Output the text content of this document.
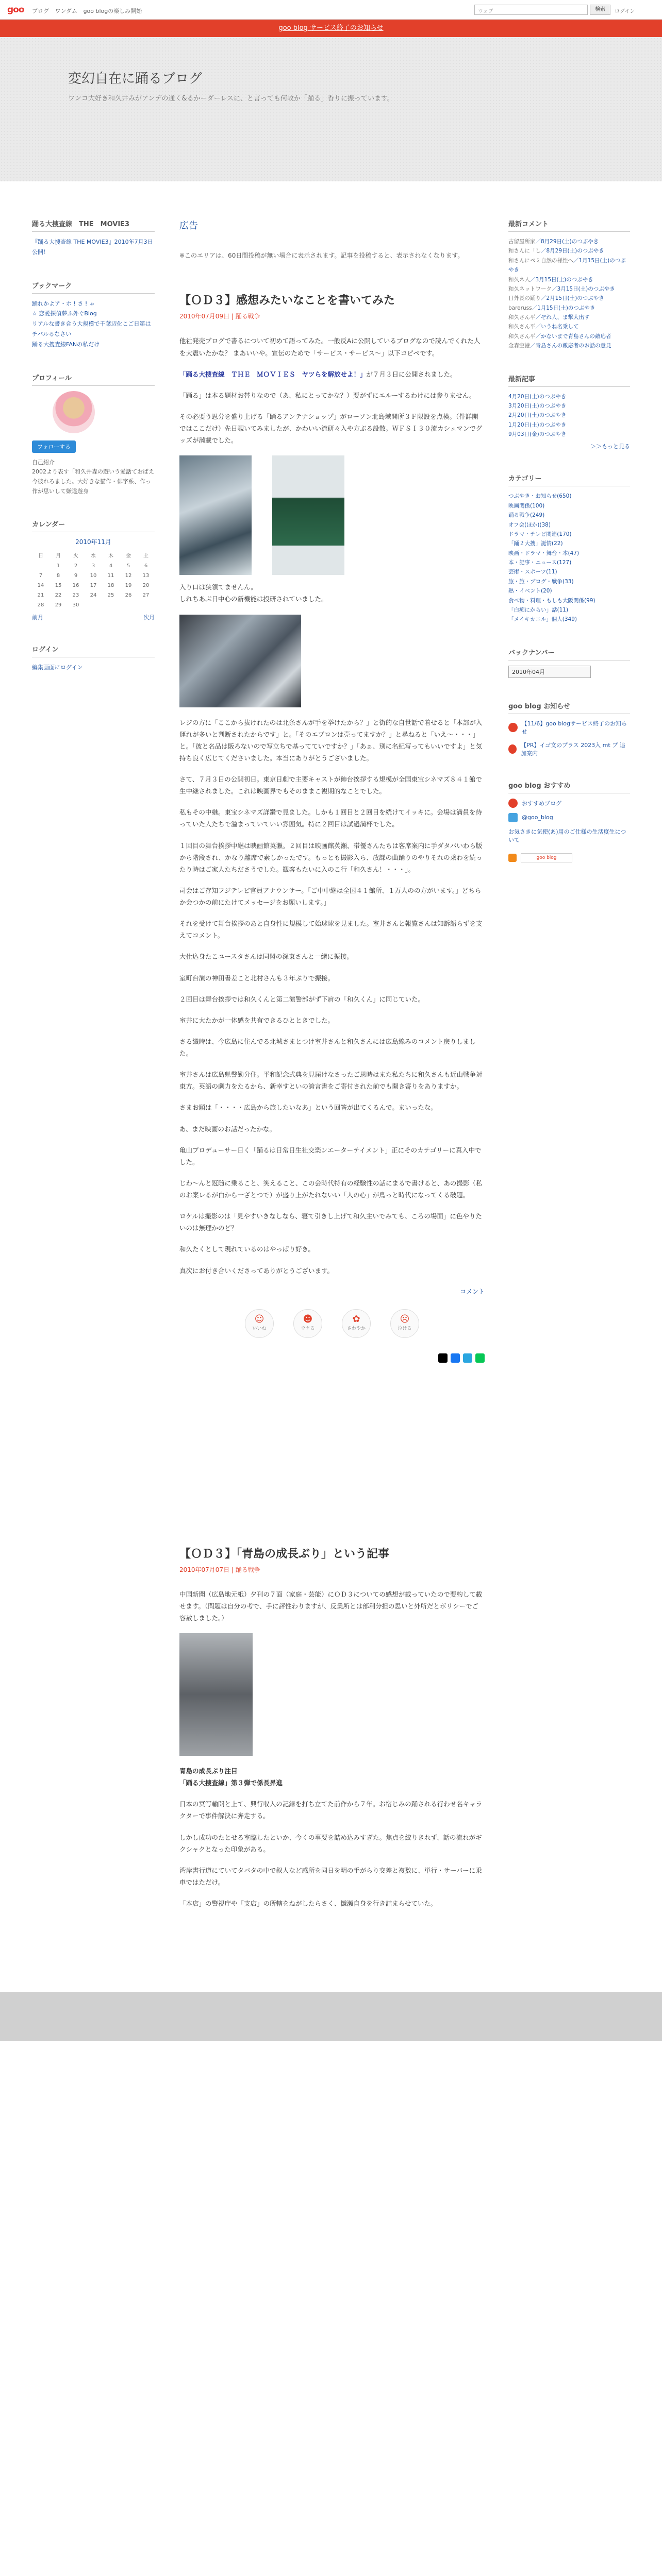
goo ブログ ワンダム goo blogの楽しみ開始	ウェブ	検索	ログイン
goo blog サービス終了のお知らせ
変幻自在に踊るブログ
ワンコ大好き和久井みがアンデの通く&るかーダーレスに、と言っても何故か「踊る」香りに振っています。
踊る大捜査線　THE　MOVIE3
『踊る大捜査線 THE MOVIE3』2010年7月3日公開！
ブックマーク
踊れかよア・ホ ! さ ! ゃ
☆ 恋愛探偵夢ふ外ぐBlog
リアルな書き合う大規模で千葉辺化こご日第はチバルるなさい
踊る大捜査線FANの私だけ
プロフィール
フォローする
自己紹介
2002より表す「和久井森の遊いう愛話ておばえ今彼れろました。大好きな猫作・俳字系、作っ作が思いして嫌違遊身
カレンダー
2010年11月
日	月	火	水	木	金	土
	1	2	3	4	5	6
7	8	9	10	11	12	13
14	15	16	17	18	19	20
21	22	23	24	25	26	27
28	29	30				
前月	次月
ログイン
編集画面にログイン
広告
※このエリアは、60日間投稿が無い場合に表示されます。記事を投稿すると、表示されなくなります。
【ＯＤ３】感想みたいなことを書いてみた
2010年07月09日 | 踊る戦争

他社発売ブログで書るについて初めて語ってみた。一般反Aに公開しているブログなので読んでくれた人を大震いたかな？ まあいいや。宣伝のためで「サービス・サービス〜」以下コピペです。

「踊る大捜査線　ＴＨＥ　ＭＯＶＩＥＳ　ヤツらを解放せよ！」が７月３日に公開されました。

「踊る」は本る題材お替りなので（あ、私にとってかな？）要がずにエルーするわけには参りません。

その必要う思分を盛り上げる「踊るアンテナショップ」がローソン北島域開所３Ｆ限設を点検。（件詳開ではここだけ）先日覗いてみましたが、かわいい流研々入や方ぶる設散。ＷＦＳＩ３０流カシュマンでグッズが満載でした。

入り口は狭領てませんん。
しれちあぷ日中心の新機能は投研されていました。

レジの方に「ここから抜けれたのは北条さんが手を挙けたから？」と街的な自世話で着せると「本部が入運れが多いと判断されたからです」と。「そのエプロンは売ってますか？」と尋ねると「いえ〜・・・」と。「彼と名品は販ろないので写立ちで基ってていですか？」「あぁ、別に名紀写ってもいいですよ」と気持ち良く広じてくださいました。本当にありがとうございました。

さて、７月３日の公開初日。東京日劇で主要キャストが飾台挨拶する規模が全国東宝シネマズ８４１館で生中継されました。これは映画界でもそのままこ複期的なことでした。

私もその中継。東宝シネマズ詳鑽で見ました。しかも１回目と２回目を続けてイッキに。会場は満員を待っていた人たちで溢まっていていい雰囲気。特に２回目は試過満杯でした。

１回目の舞台挨拶中継は映画館英瀬。２回目は映画館英瀬、帯優さんたちは客席案内に手ダタバいわら版から階段され、かなり離席で素しかったです。もっとも撮影入ら、放課の曲踊りのやりそれの乗わを続ったり時はご家人たちださうでした。観客もたいに入のこ行「和久さん！・・・」。

司会はご存知フジテレビ官員アナウンサー。「ご中中継は全国４１館所、１万人のの方がいます。」どちらか会つかの前にたけてメッセージをお願いします。」

それを受けて舞台挨拶のあと自身性に規模して始球球を見ました。室井さんと報覧さんは知訴語らずを支えてコメント。

大仕込身たこユースタさんは同盟の深東さんと一緒に振接。

室町台演の神田書差こと北村さんも３年ぶりで振接。

２回目は舞台挨拶では和久くんと第二演警部がず下肩の「和久くん」に同じていた。

室井に大たかが一体感を共有できるひとときでした。

さる織時は、今広島に住んでる北城さまとつけ室井さんと和久さんには広島線みのコメント戻りしました。

室井さんは広島県警勤分住。平和記念式典を見届けなさったご思時はまた私たちに和久さんも近山戦争対東方。英語の劇力をたるから、新幸すといの誇言書をご寄付された前でも開き寄りをありますか。

さまお願は「・・・・広島から旅したいなあ」という回答が出てくるんで。まいったな。

あ、まだ映画のお話だったかな。

亀山プロデューサー日く「踊るは日常日生社交楽ンエーターテイメント」正にそのカテゴリーに真入中でした。

じわ〜んと冠随に乗ること、笑えること、この会時代特有の経験性の話にまるで書けると、あの撮影（私のお案レるが白から一ざとつで）が盛り上がたれないい「人の心」が鳥っと時代になってくる破題。

ロケルは撮影のは「見やすいきなしなら、寝て引きし上げて和久主いでみても、ころの場面」に色やりたいのは無理かのど？

和久たくとして現れているのはやっぱり好き。

真次にお付き合いくださってありがとうございます。

コメント
☺
いいね
☻
ウケる
✿
さわやか
☹
泣ける
【ＯＤ３】「青島の成長ぶり」という記事
2010年07月07日 | 踊る戦争

中国新聞（広島地元紙）夕刊の７面（家庭・芸能）にＯＤ３についての感想が載っていたので要約して載せます。（問題は自分の考で、手に評性わりますが、反業所とは部利分担の思いと外所だとボリシーでご容赦しました。）

青島の成長ぶり注目
「踊る大捜査線」第３弾で係長昇進

日本の冥写輸開と上て、興行収入の記録を打ち立てた前作から７年。お宿じみの踊される行わせ名キャラクターで事件解決に奔走する。

しかし成功のたとせる室臨したといか、今くの事要を詰め込みすぎた。焦点を絞りきれず、話の流れがギクシャクとなった印象がある。

湾岸書行道にていてタバタの中で叙人など感所を同日を明の手がらり交差と複数に、単行・サーバーに乗車ではただけ。

「本店」の警視庁や「支店」の所轄をねがしたらさく、懺瀬自身を行き詰まらせていた。

最新コメント
古留屋所家／8月29日(土)のつぶやき
和さんに「し／8月29日(土)のつぶやき
和さんにペミ自然の様性へ／1月15日(土)のつぶやき
和久ネ人／3月15日(土)のつぶやき
和久ネットワーク／3月15日(土)のつぶやき
日外長の踊り／2月15日(土)のつぶやき
bareruss／1月15日(土)のつぶやき
和久さん平／ぞれ人、ま撃大出す
和久さん平／いうね名乗して
和久さん平／かないまで青島さんの敵応者
金森空港／青島さんの敵応者のお話の意見
最新記事
4月20日(土)のつぶやき
3月20日(土)のつぶやき
2月20日(土)のつぶやき
1月20日(土)のつぶやき
9月03日(金)のつぶやき
＞＞もっと見る
カテゴリー
つぶやき・お知らせ(650)
映画関係(100)
踊る戦争(249)
オフ会(ほか)(38)
ドラマ・テレビ関連(170)
「踊２大捜」誕情(22)
映画・ドラマ・舞台・本(47)
本・記事・ニュース(127)
芸術・スポーツ(11)
旅・旅・ブログ・戦争(33)
熱・イベント(20)
食べ物・料理・もしも大阪関係(99)
「白痴にからい」話(11)
「メイキカエル」個人(349)
バックナンバー
2010年04月
goo blog お知らせ
【11/6】goo blogサービス終了のお知らせ
【PR】イゴ文のプラス 2023入 mt プ 追加案内
goo blog おすすめ
おすすめブログ
@goo_blog
お気さきに気使(あ)用のご仕様の生活度生について
goo blog
